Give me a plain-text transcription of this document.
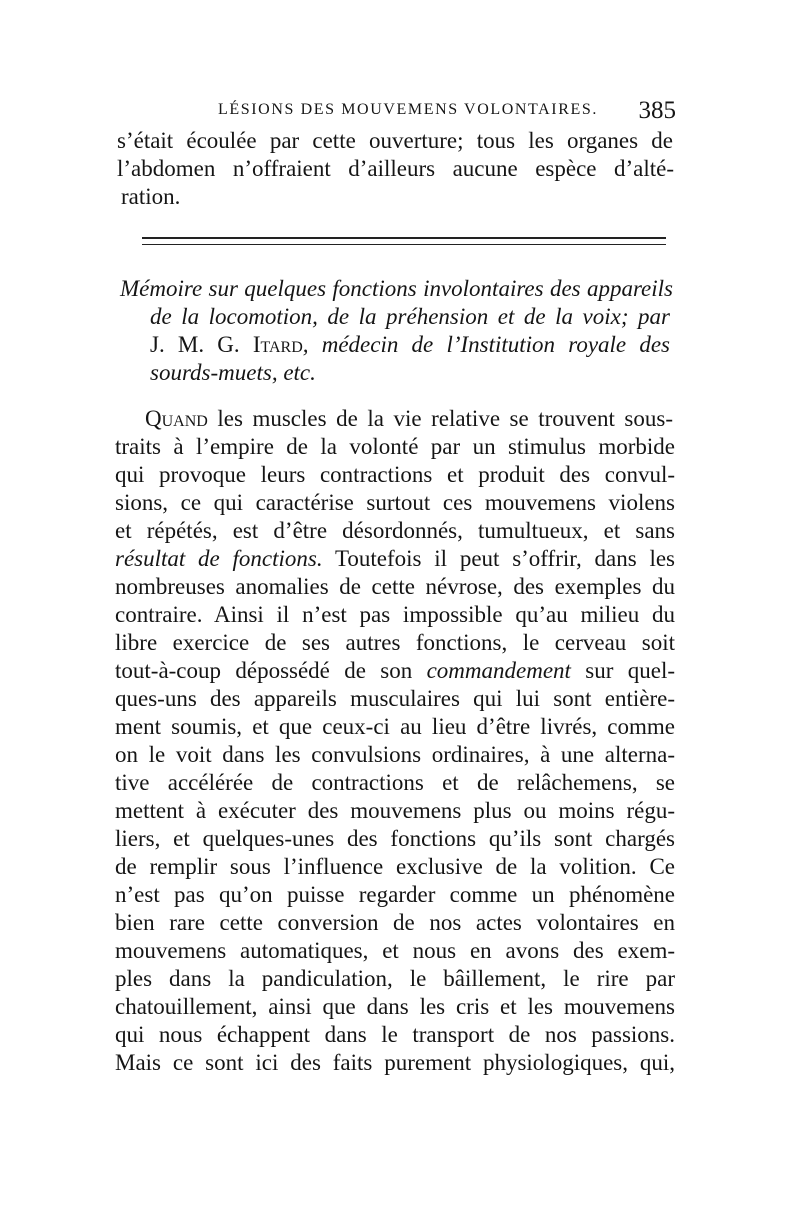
LÉSIONS DES MOUVEMENS VOLONTAIRES. 385
s’était écoulée par cette ouverture; tous les organes de
l’abdomen n’offraient d’ailleurs aucune espèce d’alté-
ration.
Mémoire sur quelques fonctions involontaires des appareils
de la locomotion, de la préhension et de la voix; par
J. M. G. Itard, médecin de l’Institution royale des
sourds-muets, etc.
Quand les muscles de la vie relative se trouvent sous-
traits à l’empire de la volonté par un stimulus morbide
qui provoque leurs contractions et produit des convul-
sions, ce qui caractérise surtout ces mouvemens violens
et répétés, est d’être désordonnés, tumultueux, et sans
résultat de fonctions. Toutefois il peut s’offrir, dans les
nombreuses anomalies de cette névrose, des exemples du
contraire. Ainsi il n’est pas impossible qu’au milieu du
libre exercice de ses autres fonctions, le cerveau soit
tout-à-coup dépossédé de son commandement sur quel-
ques-uns des appareils musculaires qui lui sont entière-
ment soumis, et que ceux-ci au lieu d’être livrés, comme
on le voit dans les convulsions ordinaires, à une alterna-
tive accélérée de contractions et de relâchemens, se
mettent à exécuter des mouvemens plus ou moins régu-
liers, et quelques-unes des fonctions qu’ils sont chargés
de remplir sous l’influence exclusive de la volition. Ce
n’est pas qu’on puisse regarder comme un phénomène
bien rare cette conversion de nos actes volontaires en
mouvemens automatiques, et nous en avons des exem-
ples dans la pandiculation, le bâillement, le rire par
chatouillement, ainsi que dans les cris et les mouvemens
qui nous échappent dans le transport de nos passions.
Mais ce sont ici des faits purement physiologiques, qui,
